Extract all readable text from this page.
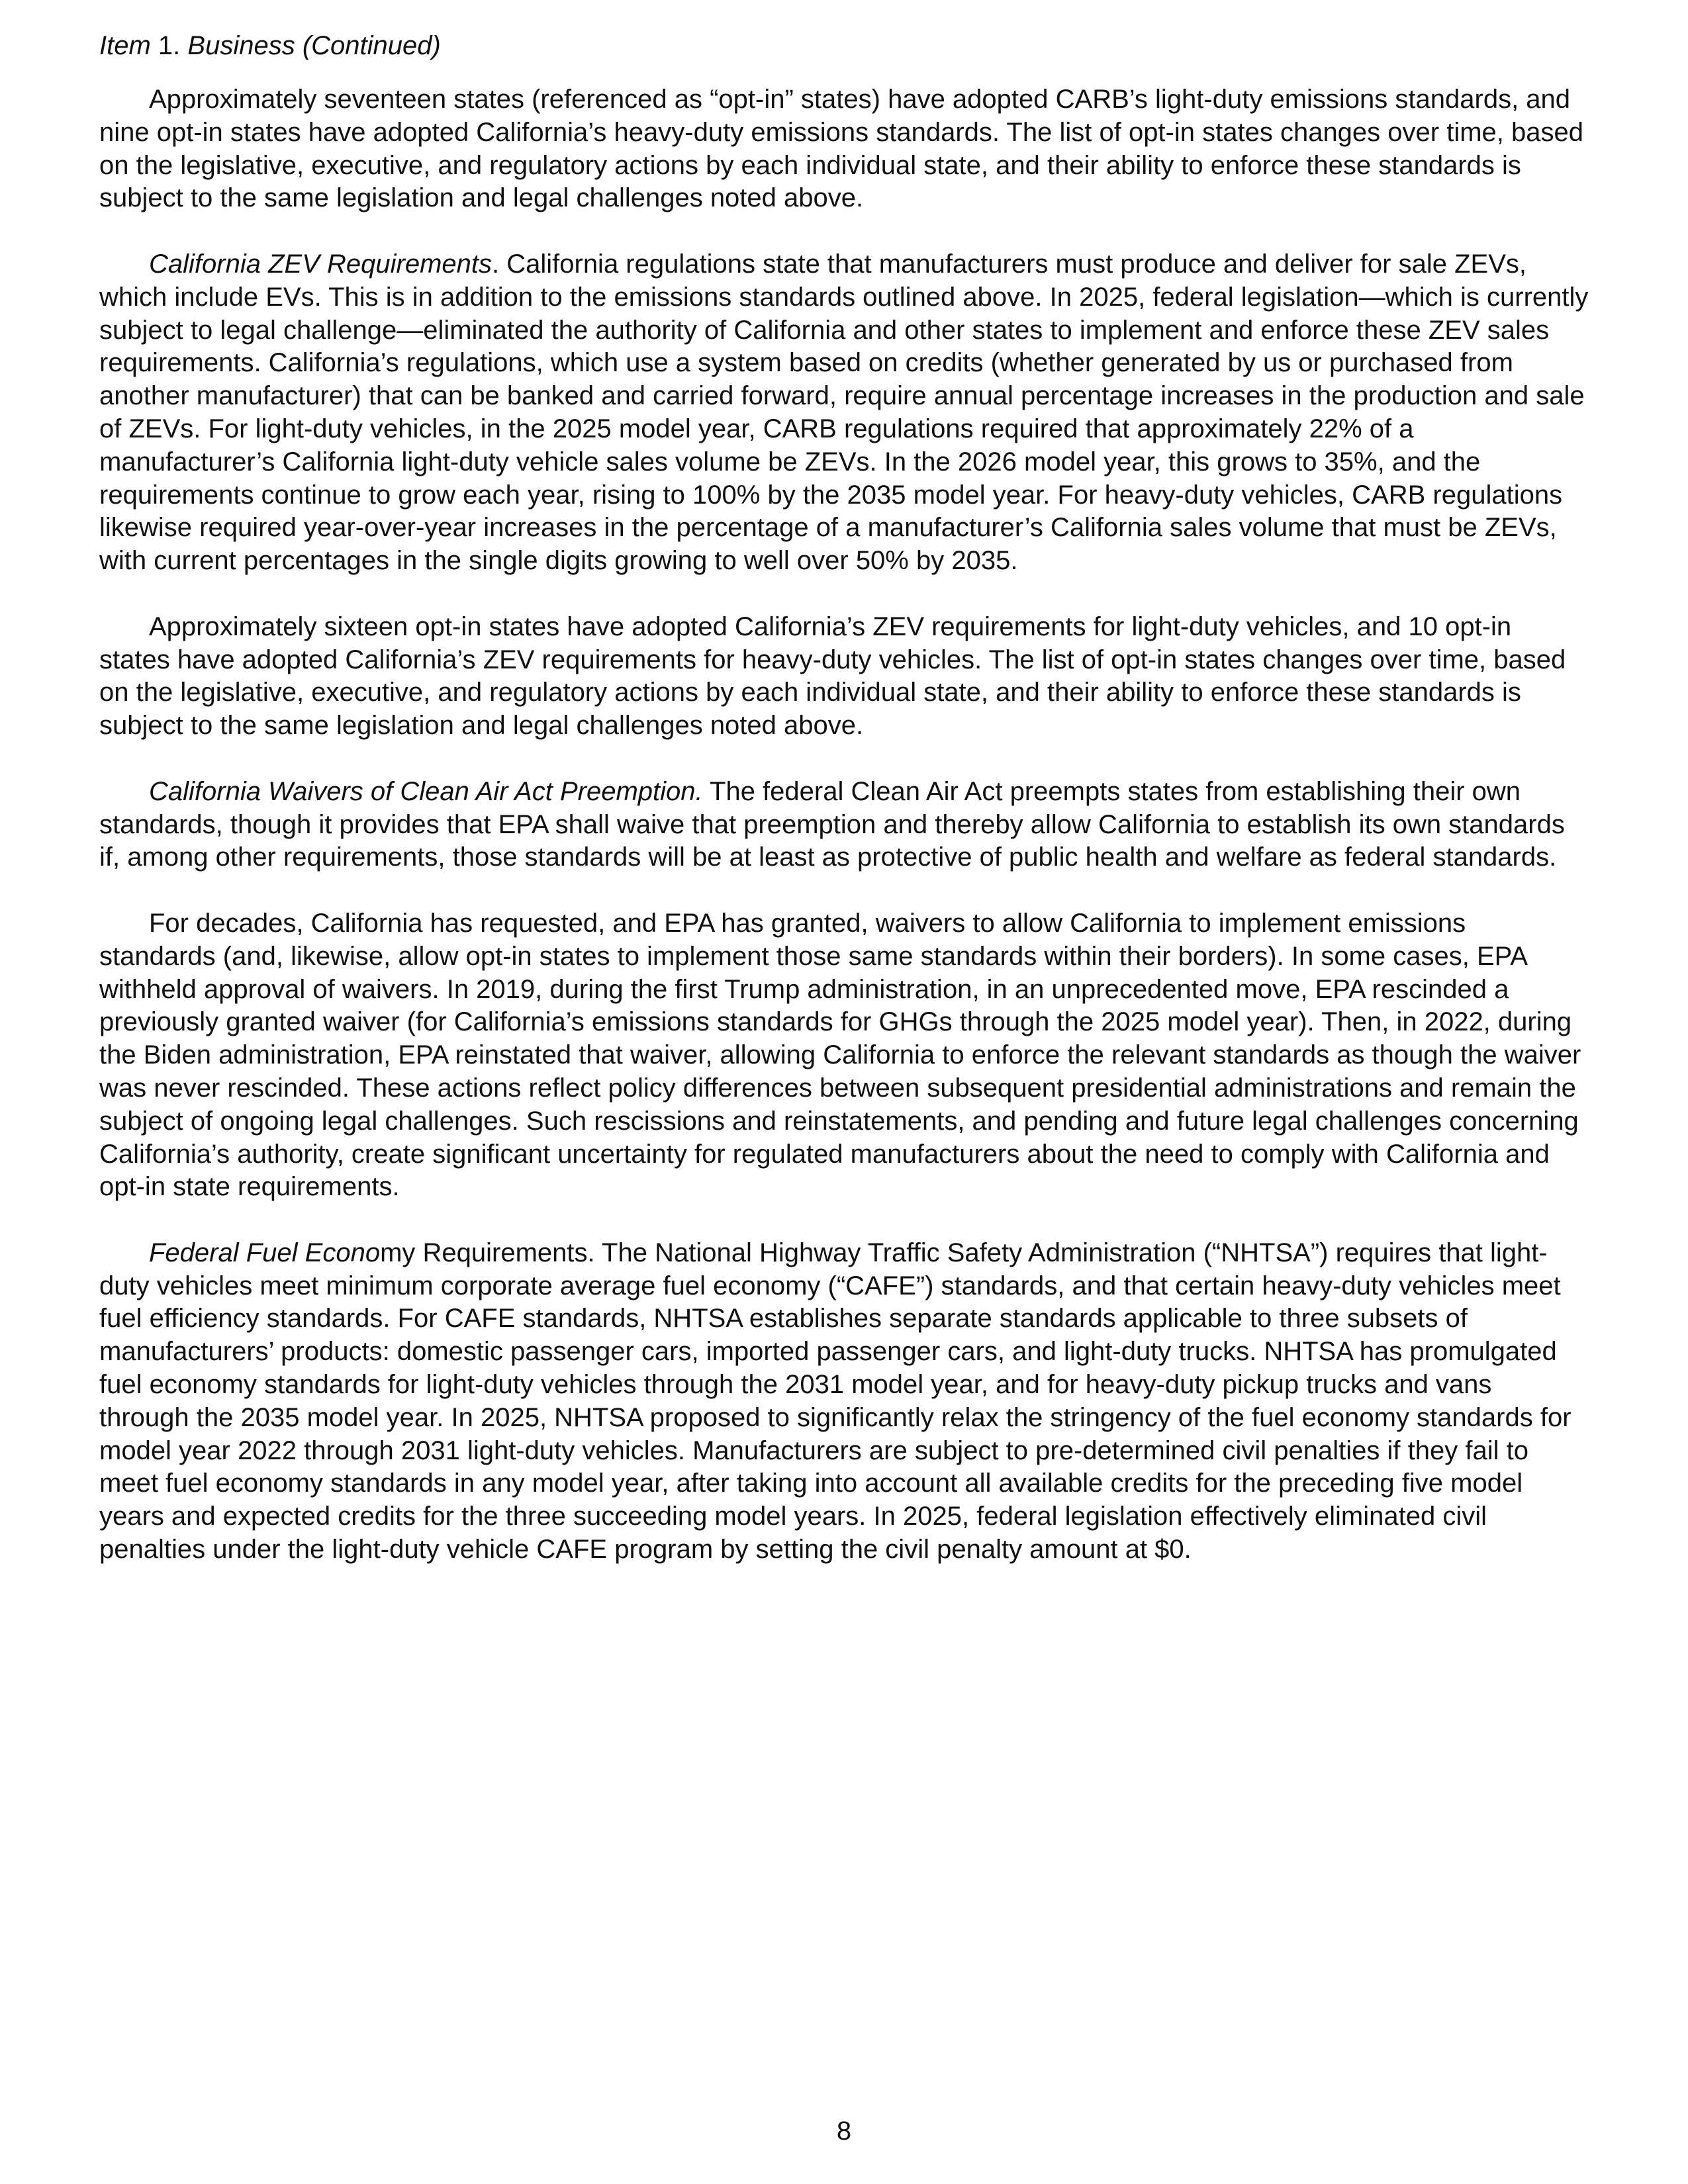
Item 1. Business (Continued)

Approximately seventeen states (referenced as “opt-in” states) have adopted CARB’s light-duty emissions standards, and nine opt-in states have adopted California’s heavy-duty emissions standards. The list of opt-in states changes over time, based on the legislative, executive, and regulatory actions by each individual state, and their ability to enforce these standards is subject to the same legislation and legal challenges noted above.

California ZEV Requirements. California regulations state that manufacturers must produce and deliver for sale ZEVs, which include EVs. This is in addition to the emissions standards outlined above. In 2025, federal legislation—which is currently subject to legal challenge—eliminated the authority of California and other states to implement and enforce these ZEV sales requirements. California’s regulations, which use a system based on credits (whether generated by us or purchased from another manufacturer) that can be banked and carried forward, require annual percentage increases in the production and sale of ZEVs. For light-duty vehicles, in the 2025 model year, CARB regulations required that approximately 22% of a manufacturer’s California light-duty vehicle sales volume be ZEVs. In the 2026 model year, this grows to 35%, and the requirements continue to grow each year, rising to 100% by the 2035 model year. For heavy-duty vehicles, CARB regulations likewise required year-over-year increases in the percentage of a manufacturer’s California sales volume that must be ZEVs, with current percentages in the single digits growing to well over 50% by 2035.

Approximately sixteen opt-in states have adopted California’s ZEV requirements for light-duty vehicles, and 10 opt-in states have adopted California’s ZEV requirements for heavy-duty vehicles. The list of opt-in states changes over time, based on the legislative, executive, and regulatory actions by each individual state, and their ability to enforce these standards is subject to the same legislation and legal challenges noted above.

California Waivers of Clean Air Act Preemption. The federal Clean Air Act preempts states from establishing their own standards, though it provides that EPA shall waive that preemption and thereby allow California to establish its own standards if, among other requirements, those standards will be at least as protective of public health and welfare as federal standards.

For decades, California has requested, and EPA has granted, waivers to allow California to implement emissions standards (and, likewise, allow opt-in states to implement those same standards within their borders). In some cases, EPA withheld approval of waivers. In 2019, during the first Trump administration, in an unprecedented move, EPA rescinded a previously granted waiver (for California’s emissions standards for GHGs through the 2025 model year). Then, in 2022, during the Biden administration, EPA reinstated that waiver, allowing California to enforce the relevant standards as though the waiver was never rescinded. These actions reflect policy differences between subsequent presidential administrations and remain the subject of ongoing legal challenges. Such rescissions and reinstatements, and pending and future legal challenges concerning California’s authority, create significant uncertainty for regulated manufacturers about the need to comply with California and opt-in state requirements.

Federal Fuel Economy Requirements. The National Highway Traffic Safety Administration (“NHTSA”) requires that light-duty vehicles meet minimum corporate average fuel economy (“CAFE”) standards, and that certain heavy-duty vehicles meet fuel efficiency standards. For CAFE standards, NHTSA establishes separate standards applicable to three subsets of manufacturers’ products: domestic passenger cars, imported passenger cars, and light-duty trucks. NHTSA has promulgated fuel economy standards for light-duty vehicles through the 2031 model year, and for heavy-duty pickup trucks and vans through the 2035 model year. In 2025, NHTSA proposed to significantly relax the stringency of the fuel economy standards for model year 2022 through 2031 light-duty vehicles. Manufacturers are subject to pre-determined civil penalties if they fail to meet fuel economy standards in any model year, after taking into account all available credits for the preceding five model years and expected credits for the three succeeding model years. In 2025, federal legislation effectively eliminated civil penalties under the light-duty vehicle CAFE program by setting the civil penalty amount at $0.

8
